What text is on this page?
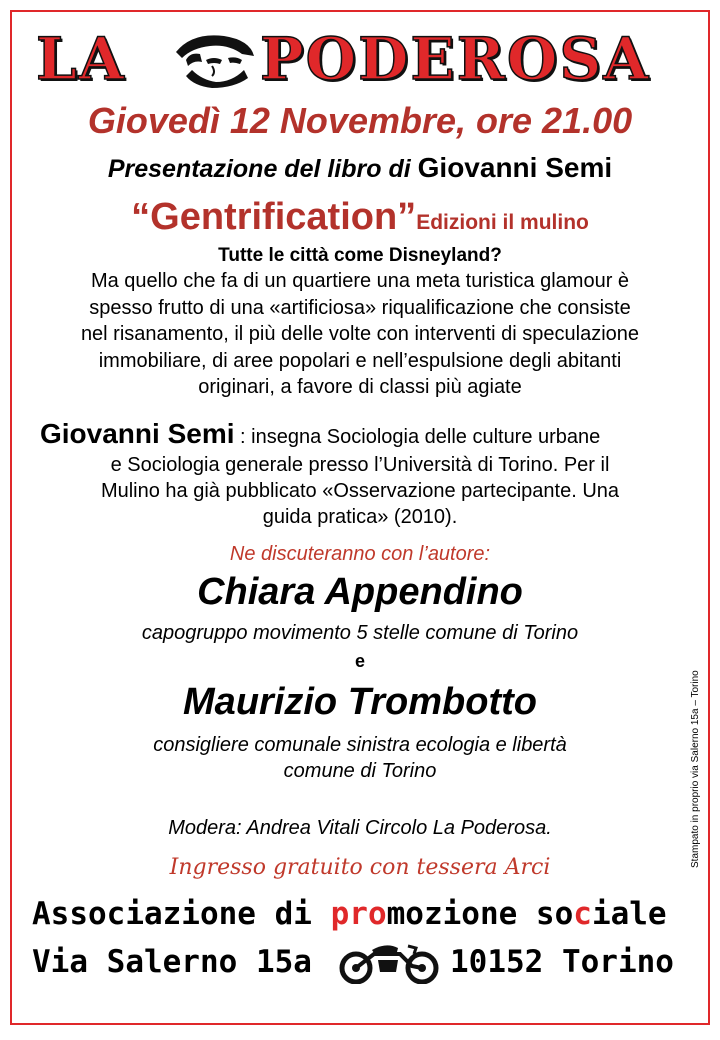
LA PODEROSA
Giovedì 12 Novembre, ore 21.00
Presentazione del libro di Giovanni Semi
“Gentrification”Edizioni il mulino
Tutte le città come Disneyland?
Ma quello che fa di un quartiere una meta turistica glamour è
spesso frutto di una «artificiosa» riqualificazione che consiste
nel risanamento, il più delle volte con interventi di speculazione
immobiliare, di aree popolari e nell’espulsione degli abitanti
originari, a favore di classi più agiate
Giovanni Semi : insegna Sociologia delle culture urbane
e Sociologia generale presso l’Università di Torino. Per il
Mulino ha già pubblicato «Osservazione partecipante. Una
guida pratica» (2010).
Ne discuteranno con l’autore:
Chiara Appendino
capogruppo movimento 5 stelle comune di Torino
e
Maurizio Trombotto
consigliere comunale sinistra ecologia e libertà
comune di Torino
Modera: Andrea Vitali Circolo La Poderosa.
Ingresso gratuito con tessera Arci	Stampato in proprio via Salerno 15a – Torino
Associazione di promozione sociale
Via Salerno 15a	10152 Torino
